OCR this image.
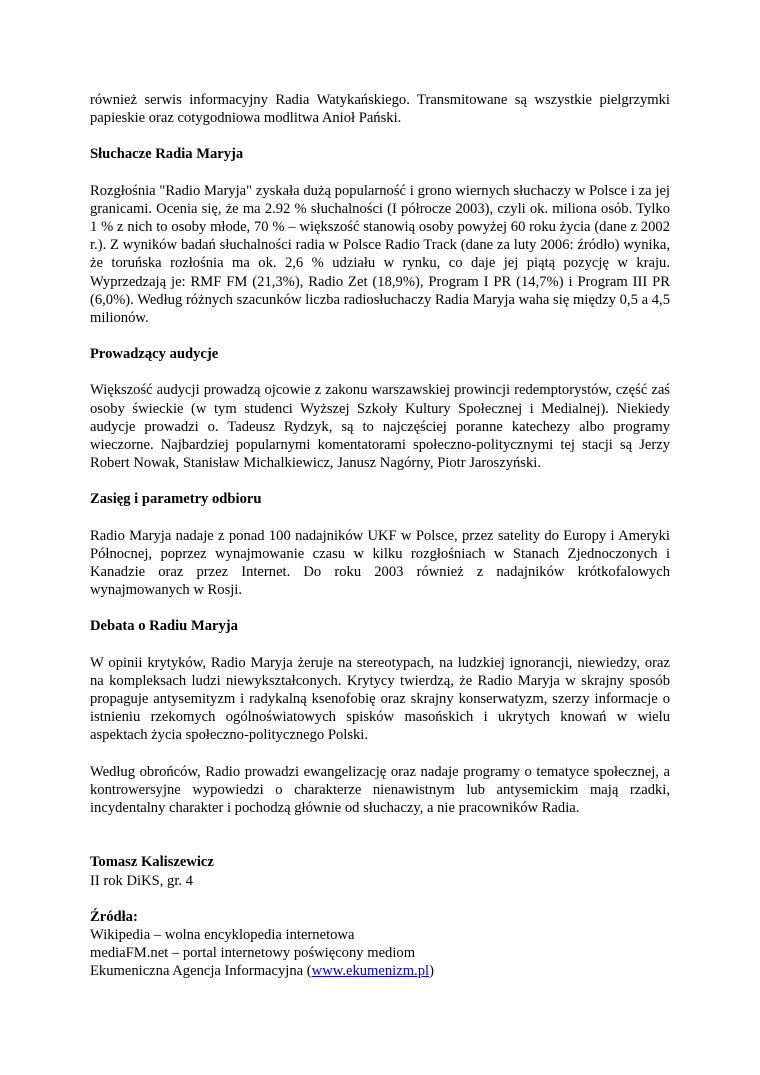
również serwis informacyjny Radia Watykańskiego. Transmitowane są wszystkie pielgrzymki papieskie oraz cotygodniowa modlitwa Anioł Pański.

Słuchacze Radia Maryja

Rozgłośnia "Radio Maryja" zyskała dużą popularność i grono wiernych słuchaczy w Polsce i za jej granicami. Ocenia się, że ma 2.92 % słuchalności (I półrocze 2003), czyli ok. miliona osób. Tylko 1 % z nich to osoby młode, 70 % – większość stanowią osoby powyżej 60 roku życia (dane z 2002 r.). Z wyników badań słuchalności radia w Polsce Radio Track (dane za luty 2006: źródło) wynika, że toruńska rozłośnia ma ok. 2,6 % udziału w rynku, co daje jej piątą pozycję w kraju. Wyprzedzają je: RMF FM (21,3%), Radio Zet (18,9%), Program I PR (14,7%) i Program III PR (6,0%). Według różnych szacunków liczba radiosłuchaczy Radia Maryja waha się między 0,5 a 4,5 milionów.

Prowadzący audycje

Większość audycji prowadzą ojcowie z zakonu warszawskiej prowincji redemptorystów, część zaś osoby świeckie (w tym studenci Wyższej Szkoły Kultury Społecznej i Medialnej). Niekiedy audycje prowadzi o. Tadeusz Rydzyk, są to najczęściej poranne katechezy albo programy wieczorne. Najbardziej popularnymi komentatorami społeczno-politycznymi tej stacji są Jerzy Robert Nowak, Stanisław Michalkiewicz, Janusz Nagórny, Piotr Jaroszyński.

Zasięg i parametry odbioru

Radio Maryja nadaje z ponad 100 nadajników UKF w Polsce, przez satelity do Europy i Ameryki Północnej, poprzez wynajmowanie czasu w kilku rozgłośniach w Stanach Zjednoczonych i Kanadzie oraz przez Internet. Do roku 2003 również z nadajników krótkofalowych wynajmowanych w Rosji.

Debata o Radiu Maryja

W opinii krytyków, Radio Maryja żeruje na stereotypach, na ludzkiej ignorancji, niewiedzy, oraz na kompleksach ludzi niewykształconych. Krytycy twierdzą, że Radio Maryja w skrajny sposób propaguje antysemityzm i radykalną ksenofobię oraz skrajny konserwatyzm, szerzy informacje o istnieniu rzekomych ogólnoświatowych spisków masońskich i ukrytych knowań w wielu aspektach życia społeczno-politycznego Polski.

Według obrońców, Radio prowadzi ewangelizację oraz nadaje programy o tematyce społecznej, a kontrowersyjne wypowiedzi o charakterze nienawistnym lub antysemickim mają rzadki, incydentalny charakter i pochodzą głównie od słuchaczy, a nie pracowników Radia.

Tomasz Kaliszewicz
II rok DiKS, gr. 4
Źródła:
Wikipedia – wolna encyklopedia internetowa
mediaFM.net – portal internetowy poświęcony mediom
Ekumeniczna Agencja Informacyjna (www.ekumenizm.pl)
